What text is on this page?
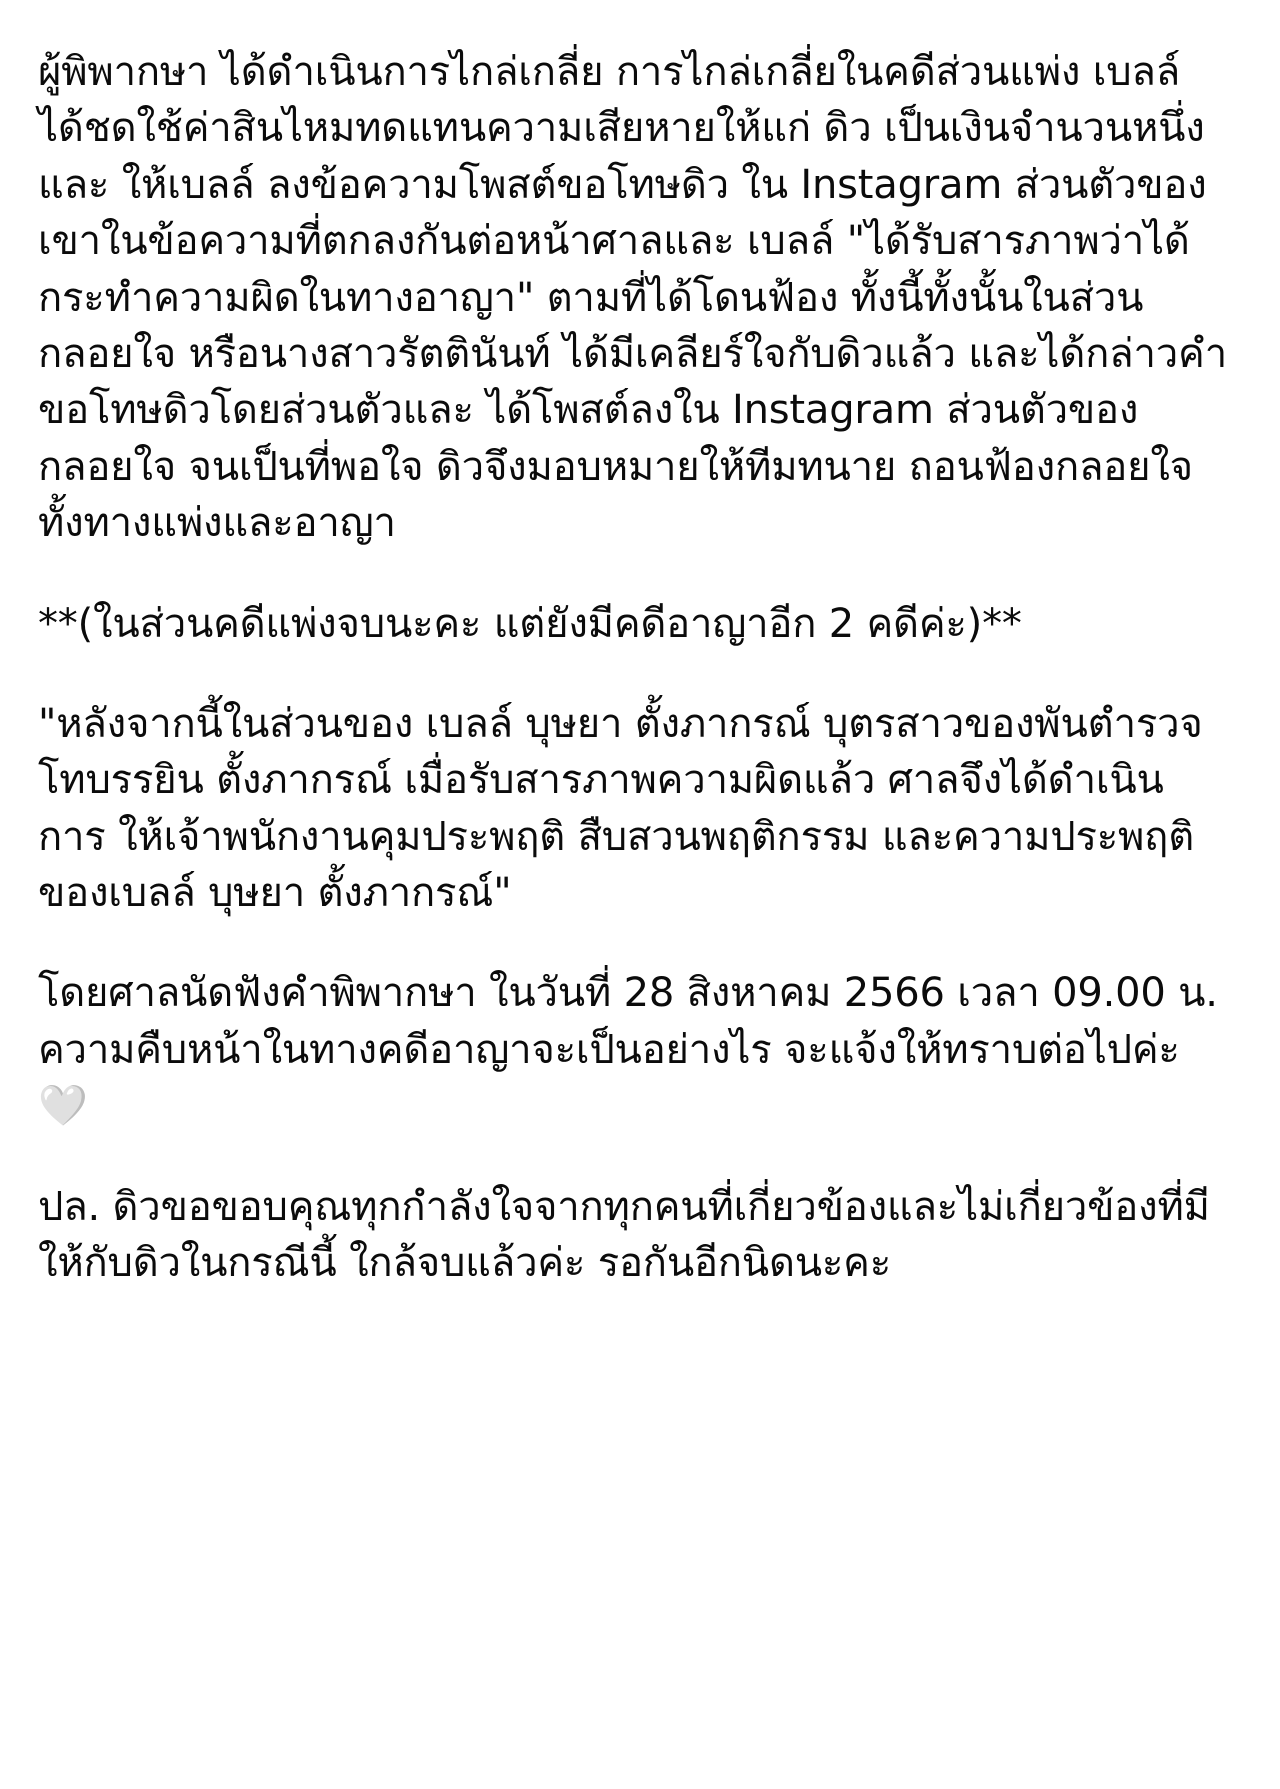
ผู้พิพากษา ได้ดำเนินการไกล่เกลี่ย การไกล่เกลี่ยในคดีส่วนแพ่ง เบลล์ ได้ชดใช้ค่าสินไหมทดแทนความเสียหายให้แก่ ดิว เป็นเงินจำนวนหนึ่ง และ ให้เบลล์ ลงข้อความโพสต์ขอโทษดิว ใน Instagram ส่วนตัวของเขาในข้อความที่ตกลงกันต่อหน้าศาลและ เบลล์ "ได้รับสารภาพว่าได้กระทำความผิดในทางอาญา" ตามที่ได้โดนฟ้อง ทั้งนี้ทั้งนั้นในส่วนกลอยใจ หรือนางสาวรัตตินันท์ ได้มีเคลียร์ใจกับดิวแล้ว และได้กล่าวคำขอโทษดิวโดยส่วนตัวและ ได้โพสต์ลงใน Instagram ส่วนตัวของกลอยใจ จนเป็นที่พอใจ ดิวจึงมอบหมายให้ทีมทนาย ถอนฟ้องกลอยใจทั้งทางแพ่งและอาญา

**(ในส่วนคดีแพ่งจบนะคะ แต่ยังมีคดีอาญาอีก 2 คดีค่ะ)**

"หลังจากนี้ในส่วนของ เบลล์ บุษยา ตั้งภากรณ์ บุตรสาวของพันตำรวจโทบรรยิน ตั้งภากรณ์ เมื่อรับสารภาพความผิดแล้ว ศาลจึงได้ดำเนินการ ให้เจ้าพนักงานคุมประพฤติ สืบสวนพฤติกรรม และความประพฤติ ของเบลล์ บุษยา ตั้งภากรณ์"

โดยศาลนัดฟังคำพิพากษา ในวันที่ 28 สิงหาคม 2566 เวลา 09.00 น. ความคืบหน้าในทางคดีอาญาจะเป็นอย่างไร จะแจ้งให้ทราบต่อไปค่ะ🤍

ปล. ดิวขอขอบคุณทุกกำลังใจจากทุกคนที่เกี่ยวข้องและไม่เกี่ยวข้องที่มีให้กับดิวในกรณีนี้ ใกล้จบแล้วค่ะ รอกันอีกนิดนะคะ
